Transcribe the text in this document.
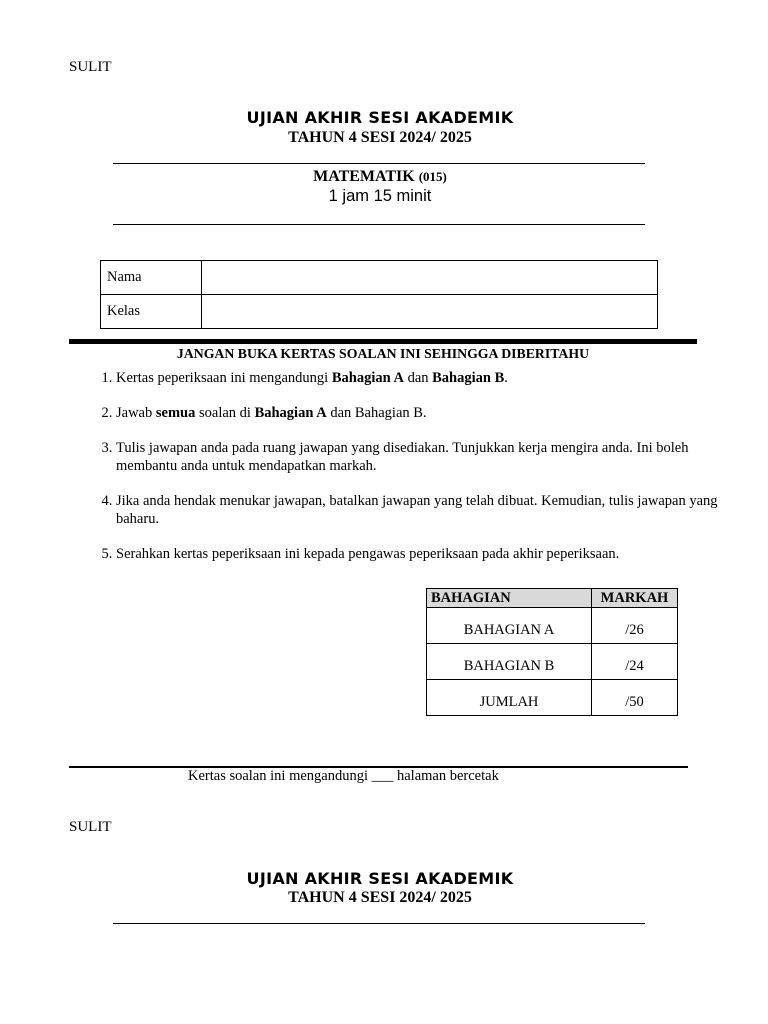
SULIT
UJIAN AKHIR SESI AKADEMIK
TAHUN 4 SESI 2024/ 2025
MATEMATIK (015)
1 jam 15 minit
Nama	
Kelas	
JANGAN BUKA KERTAS SOALAN INI SEHINGGA DIBERITAHU
1. Kertas peperiksaan ini mengandungi Bahagian A dan Bahagian B.
2. Jawab semua soalan di Bahagian A dan Bahagian B.
3. Tulis jawapan anda pada ruang jawapan yang disediakan. Tunjukkan kerja mengira anda. Ini boleh membantu anda untuk mendapatkan markah.
4. Jika anda hendak menukar jawapan, batalkan jawapan yang telah dibuat. Kemudian, tulis jawapan yang baharu.
5. Serahkan kertas peperiksaan ini kepada pengawas peperiksaan pada akhir peperiksaan.
BAHAGIAN	MARKAH
BAHAGIAN A	/26
BAHAGIAN B	/24
JUMLAH	/50
Kertas soalan ini mengandungi ___ halaman bercetak
SULIT
UJIAN AKHIR SESI AKADEMIK
TAHUN 4 SESI 2024/ 2025
